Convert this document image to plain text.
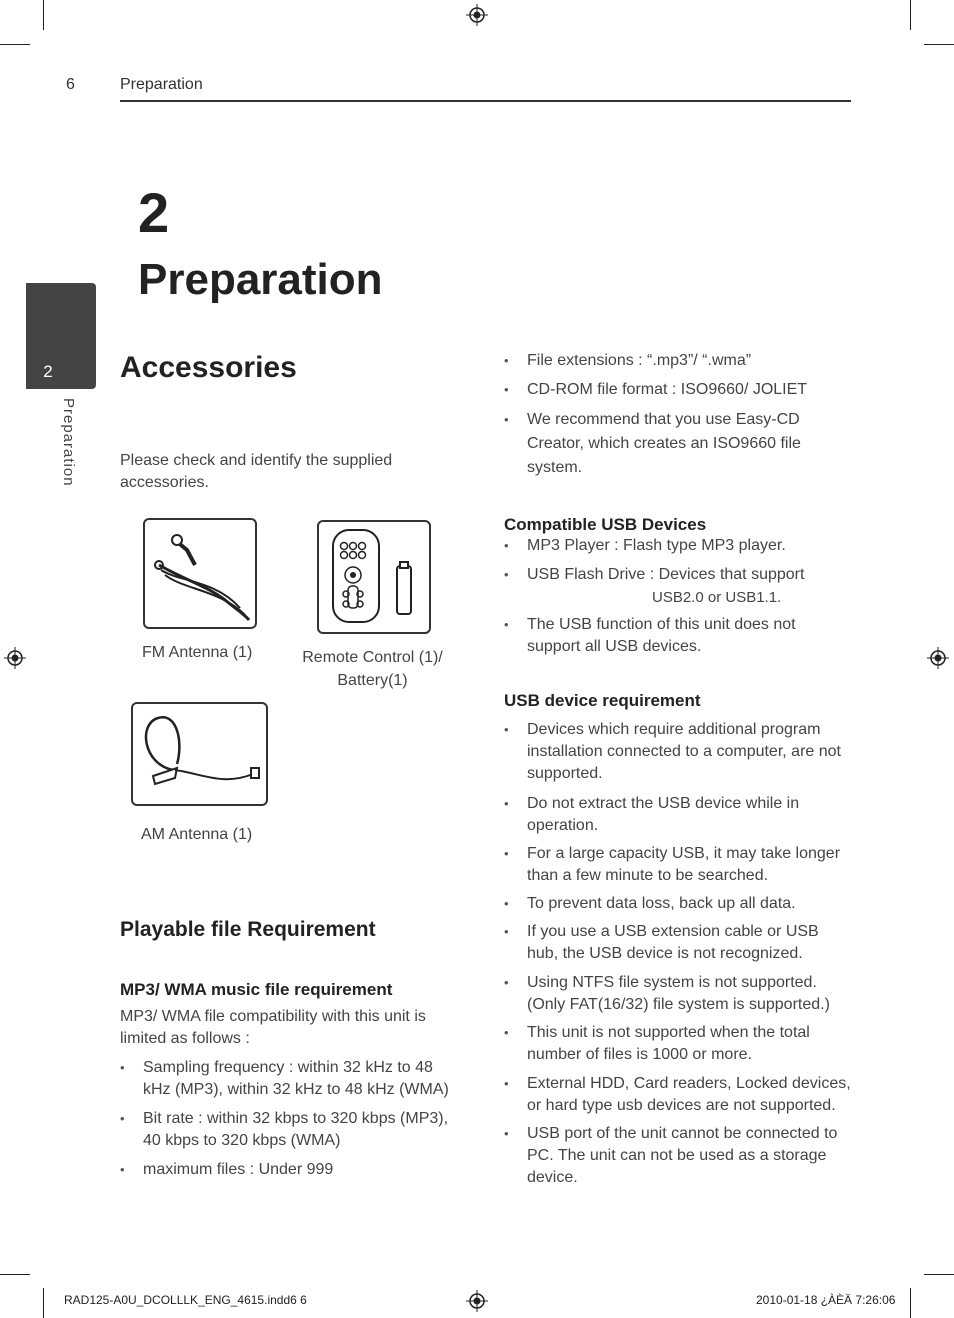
6	Preparation
2
Preparation
2
Preparation
Accessories
Please check and identify the supplied accessories.
FM Antenna (1)	Remote Control (1)/ Battery(1)
AM Antenna (1)
Playable file Requirement
MP3/ WMA music file requirement
MP3/ WMA file compatibility with this unit is limited as follows :
• Sampling frequency : within 32 kHz to 48 kHz (MP3), within 32 kHz to 48 kHz (WMA)
• Bit rate : within 32 kbps to 320 kbps (MP3), 40 kbps to 320 kbps (WMA)
• maximum files : Under 999
• File extensions : “.mp3”/ “.wma”
• CD-ROM file format : ISO9660/ JOLIET
• We recommend that you use Easy-CD Creator, which creates an ISO9660 file system.
Compatible USB Devices
• MP3 Player : Flash type MP3 player.
• USB Flash Drive : Devices that support
USB2.0 or USB1.1.
• The USB function of this unit does not support all USB devices.
USB device requirement
• Devices which require additional program installation connected to a computer, are not supported.
• Do not extract the USB device while in operation.
• For a large capacity USB, it may take longer than a few minute to be searched.
• To prevent data loss, back up all data.
• If you use a USB extension cable or USB hub, the USB device is not recognized.
• Using NTFS file system is not supported. (Only FAT(16/32) file system is supported.)
• This unit is not supported when the total number of files is 1000 or more.
• External HDD, Card readers, Locked devices, or hard type usb devices are not supported.
• USB port of the unit cannot be connected to PC. The unit can not be used as a storage device.
RAD125-A0U_DCOLLLK_ENG_4615.indd6 6	2010-01-18 ¿ÀÈÄ 7:26:06
